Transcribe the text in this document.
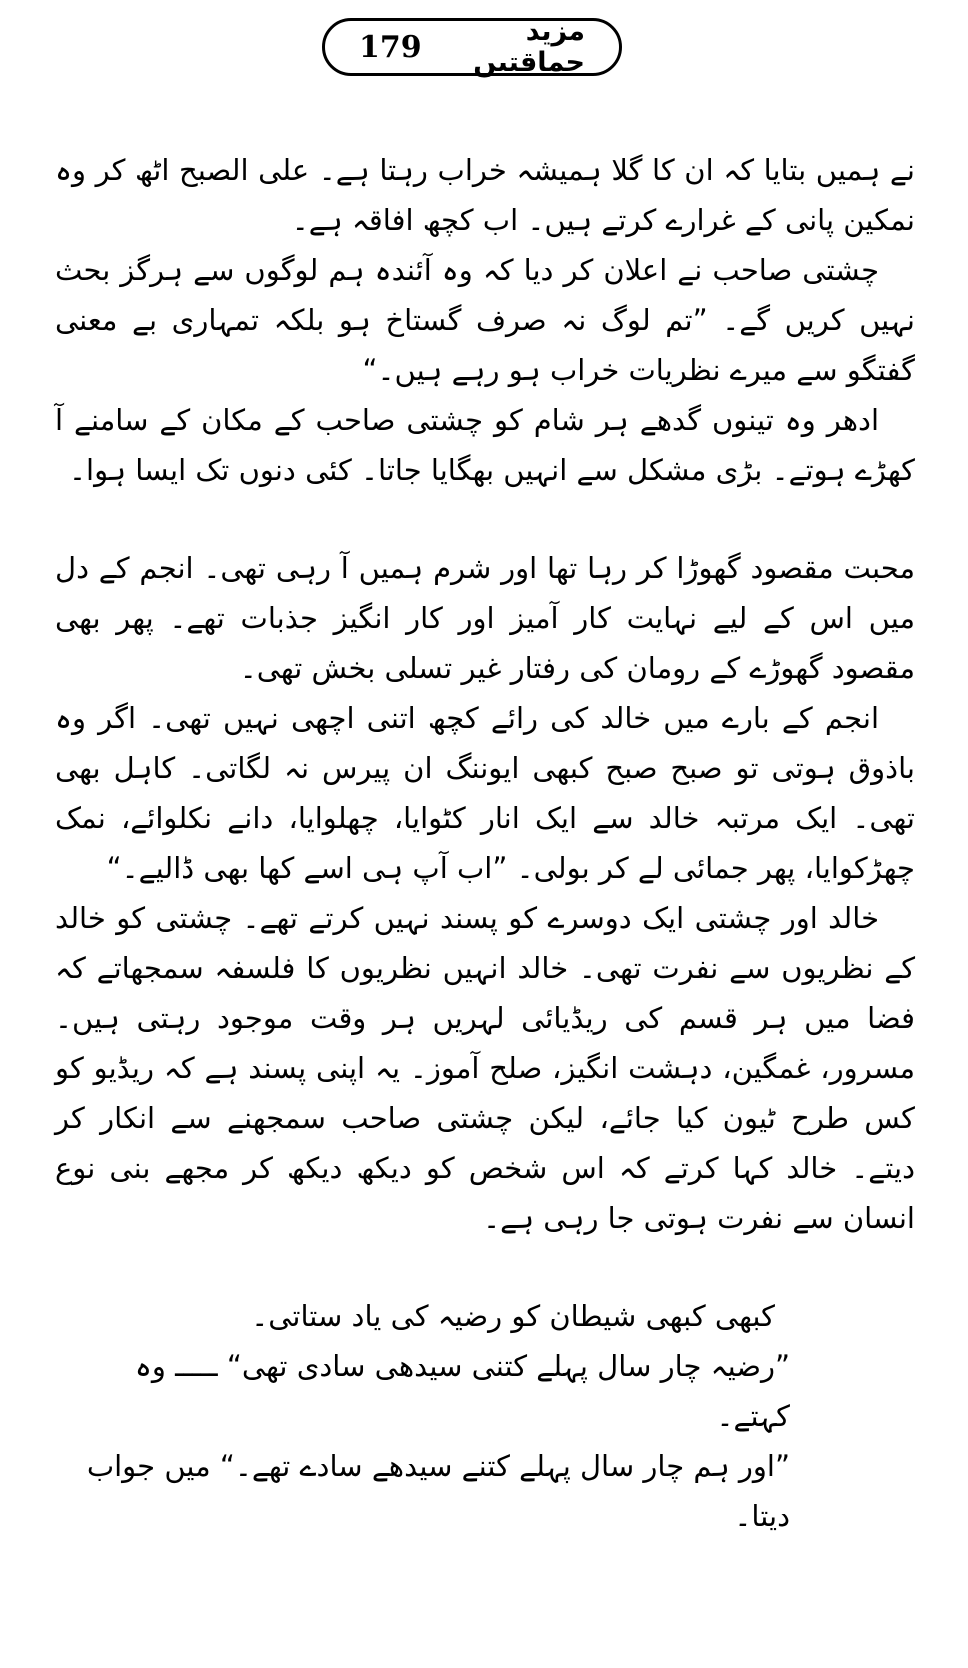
179	مزید حماقتیں

نے ہمیں بتایا کہ ان کا گلا ہمیشہ خراب رہتا ہے۔ علی الصبح اٹھ کر وہ نمکین پانی کے غرارے کرتے ہیں۔ اب کچھ افاقہ ہے۔

چشتی صاحب نے اعلان کر دیا کہ وہ آئندہ ہم لوگوں سے ہرگز بحث نہیں کریں گے۔ ”تم لوگ نہ صرف گستاخ ہو بلکہ تمہاری بے معنی گفتگو سے میرے نظریات خراب ہو رہے ہیں۔“

ادھر وہ تینوں گدھے ہر شام کو چشتی صاحب کے مکان کے سامنے آ کھڑے ہوتے۔ بڑی مشکل سے انہیں بھگایا جاتا۔ کئی دنوں تک ایسا ہوا۔

محبت مقصود گھوڑا کر رہا تھا اور شرم ہمیں آ رہی تھی۔ انجم کے دل میں اس کے لیے نہایت کار آمیز اور کار انگیز جذبات تھے۔ پھر بھی مقصود گھوڑے کے رومان کی رفتار غیر تسلی بخش تھی۔

انجم کے بارے میں خالد کی رائے کچھ اتنی اچھی نہیں تھی۔ اگر وہ باذوق ہوتی تو صبح صبح کبھی ایوننگ ان پیرس نہ لگاتی۔ کاہل بھی تھی۔ ایک مرتبہ خالد سے ایک انار کٹوایا، چھلوایا، دانے نکلوائے، نمک چھڑکوایا، پھر جمائی لے کر بولی۔ ”اب آپ ہی اسے کھا بھی ڈالیے۔“

خالد اور چشتی ایک دوسرے کو پسند نہیں کرتے تھے۔ چشتی کو خالد کے نظریوں سے نفرت تھی۔ خالد انہیں نظریوں کا فلسفہ سمجھاتے کہ فضا میں ہر قسم کی ریڈیائی لہریں ہر وقت موجود رہتی ہیں۔ مسرور، غمگین، دہشت انگیز، صلح آموز۔ یہ اپنی پسند ہے کہ ریڈیو کو کس طرح ٹیون کیا جائے، لیکن چشتی صاحب سمجھنے سے انکار کر دیتے۔ خالد کہا کرتے کہ اس شخص کو دیکھ دیکھ کر مجھے بنی نوع انسان سے نفرت ہوتی جا رہی ہے۔

کبھی کبھی شیطان کو رضیہ کی یاد ستاتی۔

”رضیہ چار سال پہلے کتنی سیدھی سادی تھی“ ـــــ وہ کہتے۔

”اور ہم چار سال پہلے کتنے سیدھے سادے تھے۔“ میں جواب دیتا۔
